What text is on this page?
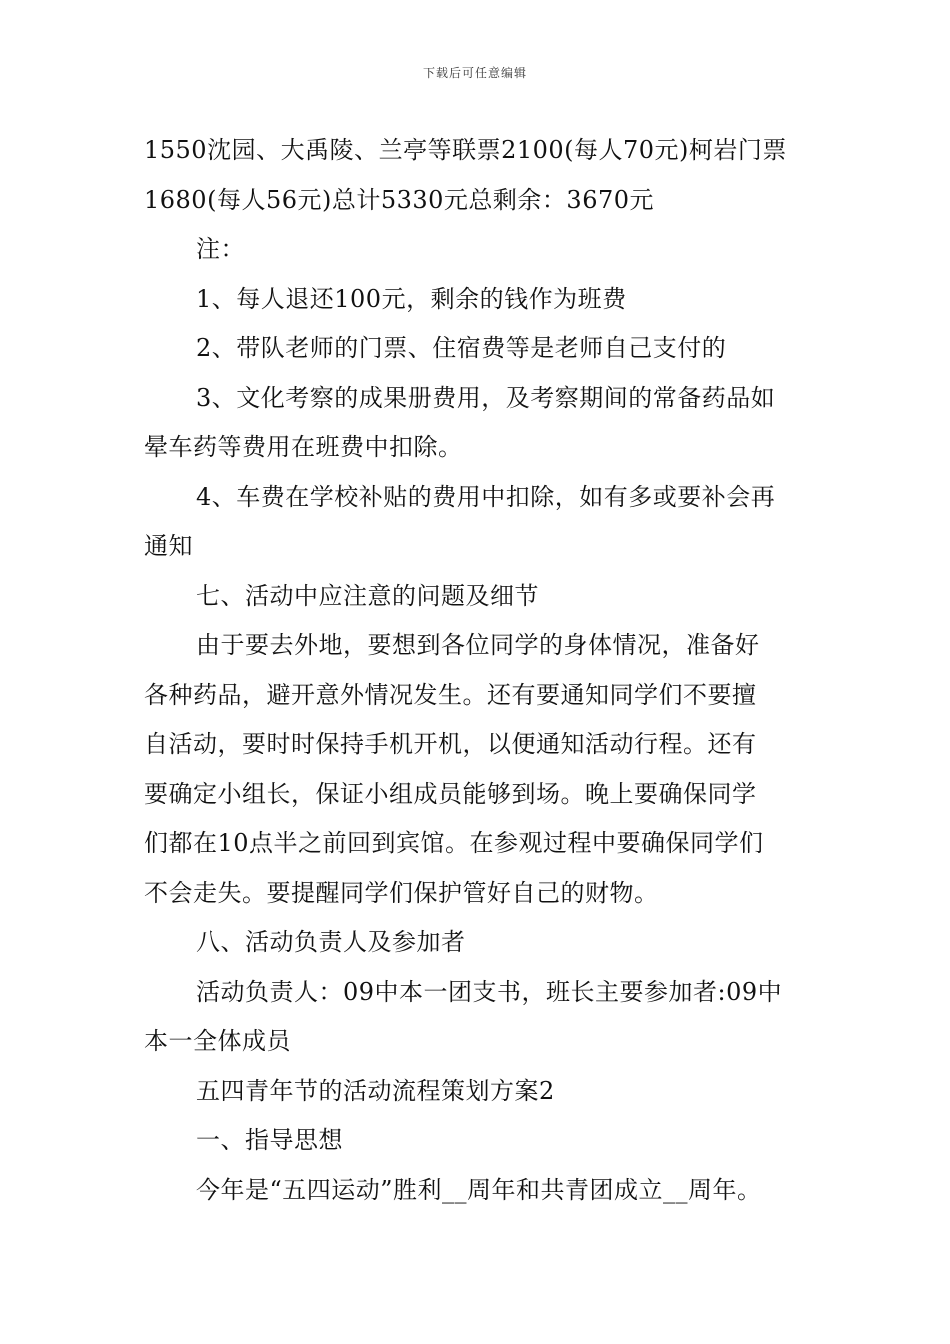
下载后可任意编辑
1550沈园、大禹陵、兰亭等联票2100(每人70元)柯岩门票
1680(每人56元)总计5330元总剩余：3670元
注：
1、每人退还100元，剩余的钱作为班费
2、带队老师的门票、住宿费等是老师自己支付的
3、文化考察的成果册费用，及考察期间的常备药品如
晕车药等费用在班费中扣除。
4、车费在学校补贴的费用中扣除，如有多或要补会再
通知
七、活动中应注意的问题及细节
由于要去外地，要想到各位同学的身体情况，准备好
各种药品，避开意外情况发生。还有要通知同学们不要擅
自活动，要时时保持手机开机，以便通知活动行程。还有
要确定小组长，保证小组成员能够到场。晚上要确保同学
们都在10点半之前回到宾馆。在参观过程中要确保同学们
不会走失。要提醒同学们保护管好自己的财物。
八、活动负责人及参加者
活动负责人：09中本一团支书，班长主要参加者:09中
本一全体成员
五四青年节的活动流程策划方案2
一、指导思想
今年是“五四运动”胜利__周年和共青团成立__周年。
